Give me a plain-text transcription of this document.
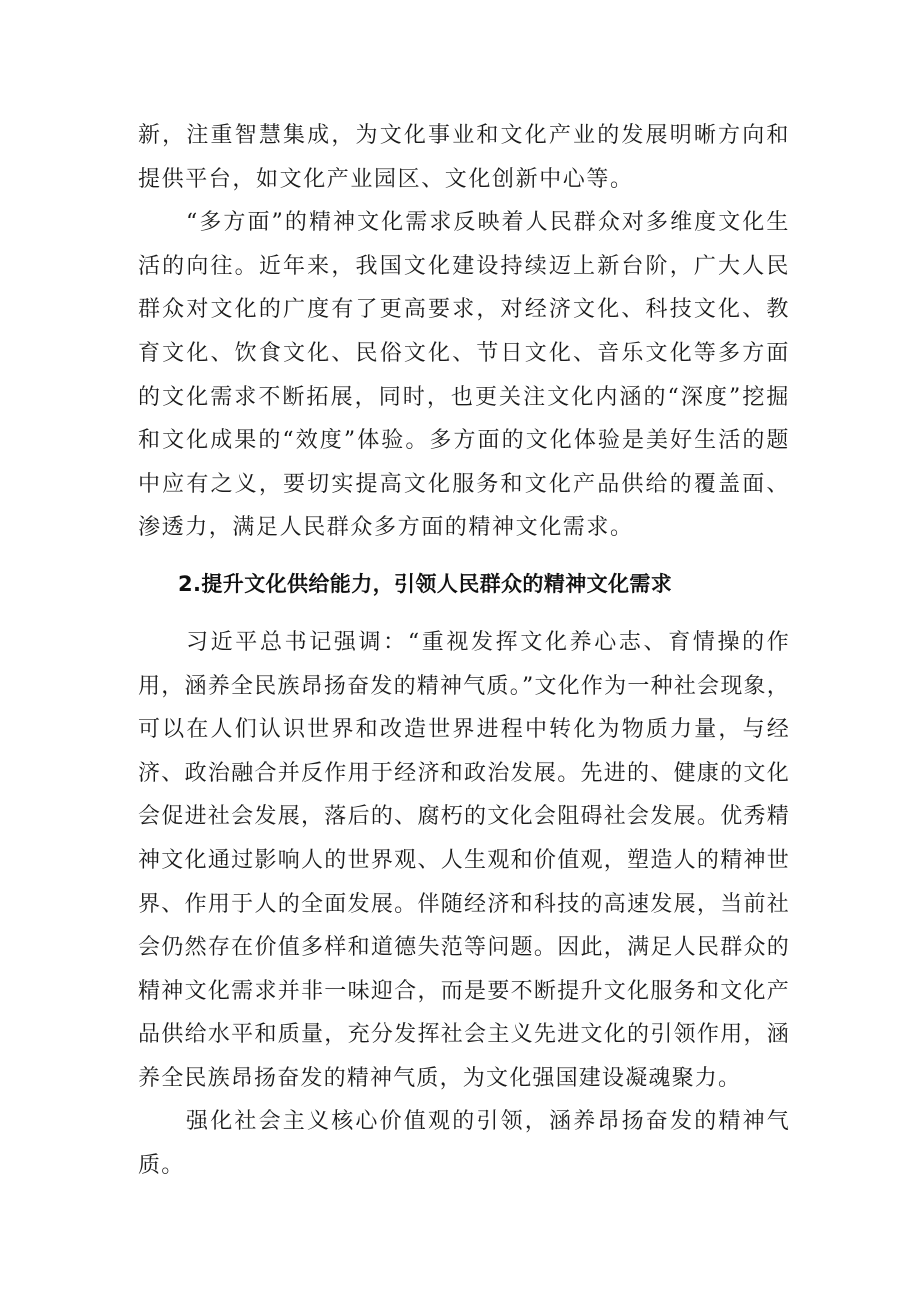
新，注重智慧集成，为文化事业和文化产业的发展明晰方向和提供平台，如文化产业园区、文化创新中心等。

“多方面”的精神文化需求反映着人民群众对多维度文化生活的向往。近年来，我国文化建设持续迈上新台阶，广大人民群众对文化的广度有了更高要求，对经济文化、科技文化、教育文化、饮食文化、民俗文化、节日文化、音乐文化等多方面的文化需求不断拓展，同时，也更关注文化内涵的“深度”挖掘和文化成果的“效度”体验。多方面的文化体验是美好生活的题中应有之义，要切实提高文化服务和文化产品供给的覆盖面、渗透力，满足人民群众多方面的精神文化需求。

2.提升文化供给能力，引领人民群众的精神文化需求

习近平总书记强调：“重视发挥文化养心志、育情操的作用，涵养全民族昂扬奋发的精神气质。”文化作为一种社会现象，可以在人们认识世界和改造世界进程中转化为物质力量，与经济、政治融合并反作用于经济和政治发展。先进的、健康的文化会促进社会发展，落后的、腐朽的文化会阻碍社会发展。优秀精神文化通过影响人的世界观、人生观和价值观，塑造人的精神世界、作用于人的全面发展。伴随经济和科技的高速发展，当前社会仍然存在价值多样和道德失范等问题。因此，满足人民群众的精神文化需求并非一味迎合，而是要不断提升文化服务和文化产品供给水平和质量，充分发挥社会主义先进文化的引领作用，涵养全民族昂扬奋发的精神气质，为文化强国建设凝魂聚力。

强化社会主义核心价值观的引领，涵养昂扬奋发的精神气质。
